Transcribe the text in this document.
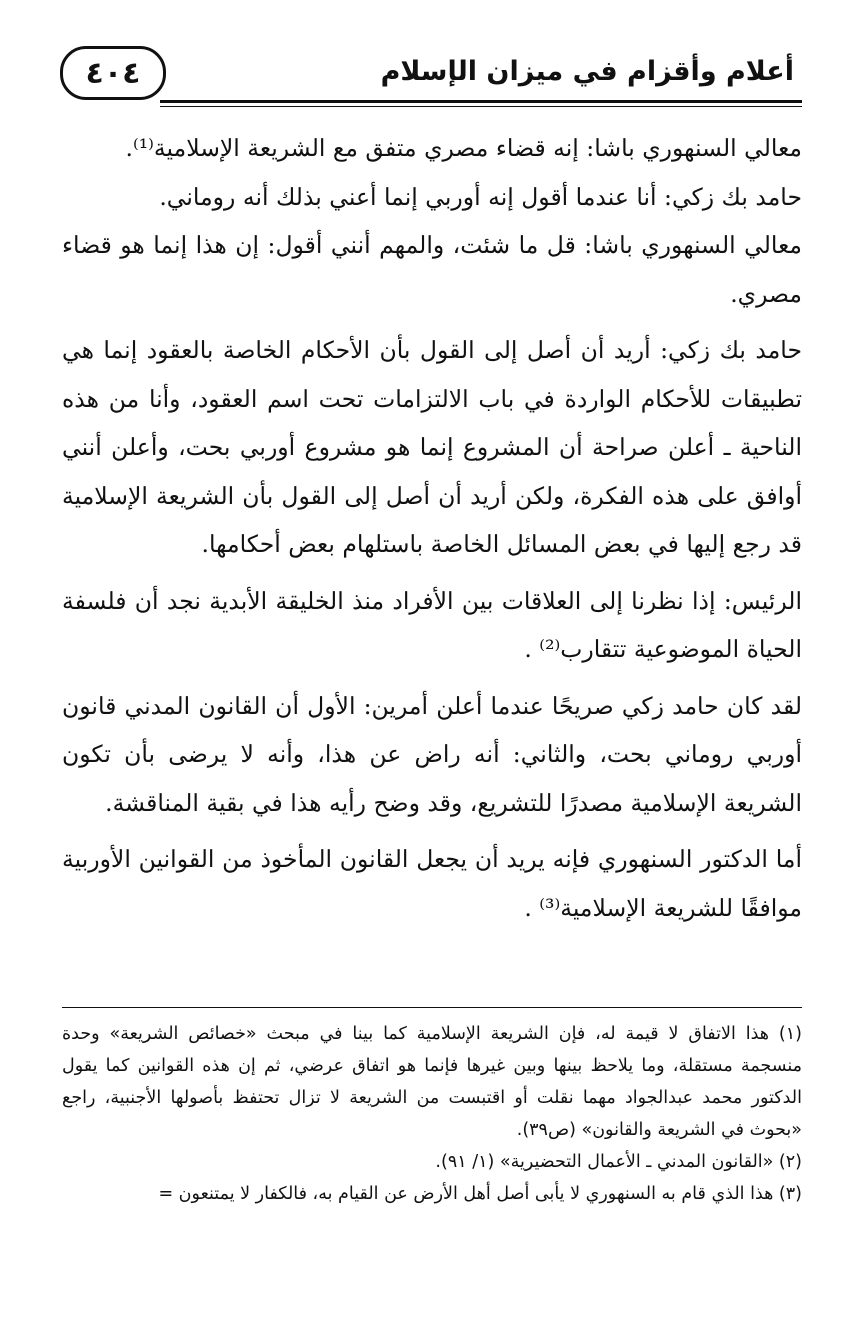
أعلام وأقزام في ميزان الإسلام
٤٠٤

معالي السنهوري باشا: إنه قضاء مصري متفق مع الشريعة الإسلامية⁽¹⁾.

حامد بك زكي: أنا عندما أقول إنه أوربي إنما أعني بذلك أنه روماني.

معالي السنهوري باشا: قل ما شئت، والمهم أنني أقول: إن هذا إنما هو قضاء مصري.

حامد بك زكي: أريد أن أصل إلى القول بأن الأحكام الخاصة بالعقود إنما هي تطبيقات للأحكام الواردة في باب الالتزامات تحت اسم العقود، وأنا من هذه الناحية ـ أعلن صراحة أن المشروع إنما هو مشروع أوربي بحت، وأعلن أنني أوافق على هذه الفكرة، ولكن أريد أن أصل إلى القول بأن الشريعة الإسلامية قد رجع إليها في بعض المسائل الخاصة باستلهام بعض أحكامها.

الرئيس: إذا نظرنا إلى العلاقات بين الأفراد منذ الخليقة الأبدية نجد أن فلسفة الحياة الموضوعية تتقارب⁽²⁾ .

لقد كان حامد زكي صريحًا عندما أعلن أمرين: الأول أن القانون المدني قانون أوربي روماني بحت، والثاني: أنه راض عن هذا، وأنه لا يرضى بأن تكون الشريعة الإسلامية مصدرًا للتشريع، وقد وضح رأيه هذا في بقية المناقشة.

أما الدكتور السنهوري فإنه يريد أن يجعل القانون المأخوذ من القوانين الأوربية موافقًا للشريعة الإسلامية⁽³⁾ .

(١) هذا الاتفاق لا قيمة له، فإن الشريعة الإسلامية كما بينا في مبحث «خصائص الشريعة» وحدة منسجمة مستقلة، وما يلاحظ بينها وبين غيرها فإنما هو اتفاق عرضي، ثم إن هذه القوانين كما يقول الدكتور محمد عبدالجواد مهما نقلت أو اقتبست من الشريعة لا تزال تحتفظ بأصولها الأجنبية، راجع «بحوث في الشريعة والقانون» (ص٣٩).

(٢) «القانون المدني ـ الأعمال التحضيرية» (١/ ٩١).

(٣) هذا الذي قام به السنهوري لا يأبى أصل أهل الأرض عن القيام به، فالكفار لا يمتنعون =
